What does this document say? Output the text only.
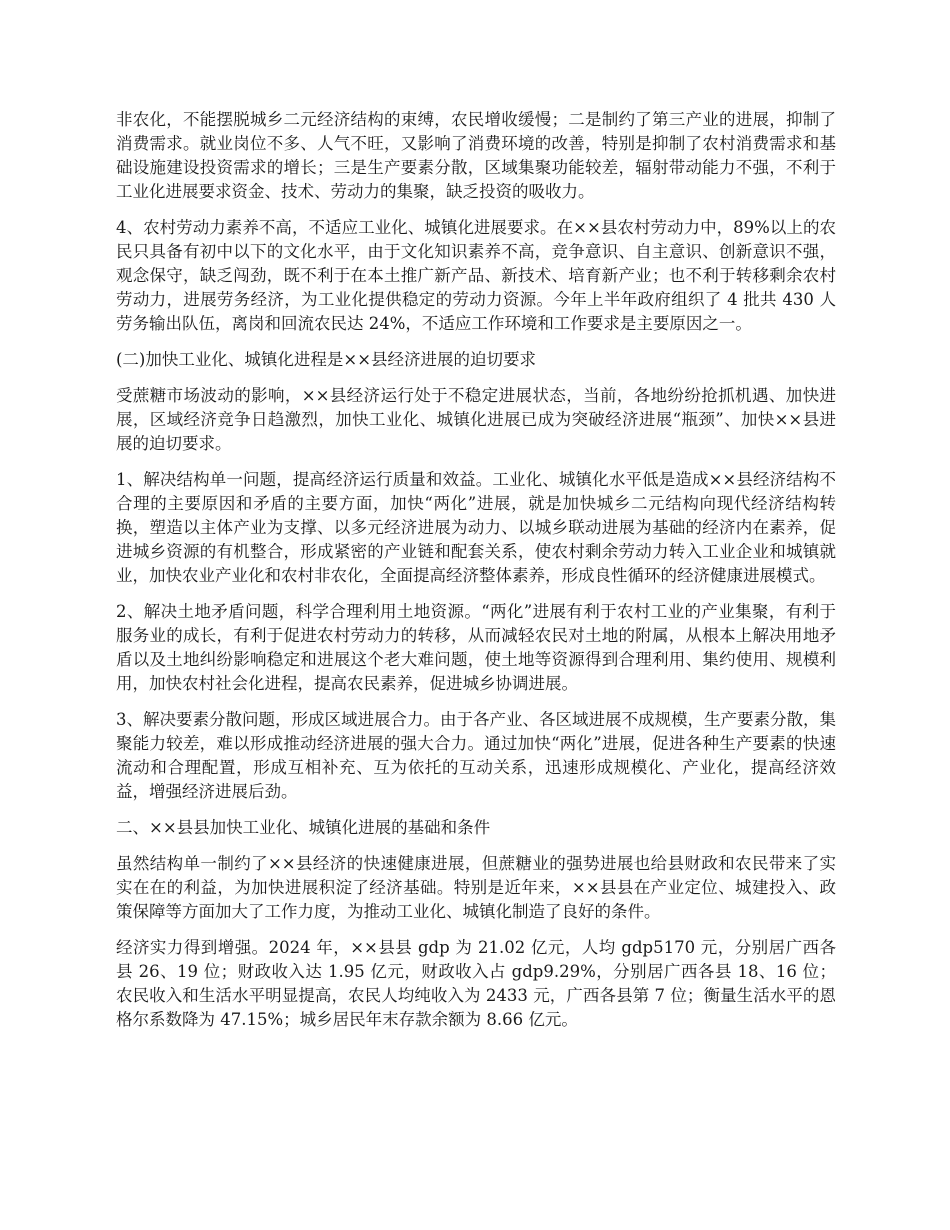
非农化，不能摆脱城乡二元经济结构的束缚，农民增收缓慢；二是制约了第三产业的进展，抑制了消费需求。就业岗位不多、人气不旺，又影响了消费环境的改善，特别是抑制了农村消费需求和基础设施建设投资需求的增长；三是生产要素分散，区域集聚功能较差，辐射带动能力不强，不利于工业化进展要求资金、技术、劳动力的集聚，缺乏投资的吸收力。

4、农村劳动力素养不高，不适应工业化、城镇化进展要求。在××县农村劳动力中，89%以上的农民只具备有初中以下的文化水平，由于文化知识素养不高，竞争意识、自主意识、创新意识不强，观念保守，缺乏闯劲，既不利于在本土推广新产品、新技术、培育新产业；也不利于转移剩余农村劳动力，进展劳务经济，为工业化提供稳定的劳动力资源。今年上半年政府组织了 4 批共 430 人劳务输出队伍，离岗和回流农民达 24%，不适应工作环境和工作要求是主要原因之一。

(二)加快工业化、城镇化进程是××县经济进展的迫切要求

受蔗糖市场波动的影响，××县经济运行处于不稳定进展状态，当前，各地纷纷抢抓机遇、加快进展，区域经济竞争日趋激烈，加快工业化、城镇化进展已成为突破经济进展“瓶颈”、加快××县进展的迫切要求。

1、解决结构单一问题，提高经济运行质量和效益。工业化、城镇化水平低是造成××县经济结构不合理的主要原因和矛盾的主要方面，加快“两化”进展，就是加快城乡二元结构向现代经济结构转换，塑造以主体产业为支撑、以多元经济进展为动力、以城乡联动进展为基础的经济内在素养，促进城乡资源的有机整合，形成紧密的产业链和配套关系，使农村剩余劳动力转入工业企业和城镇就业，加快农业产业化和农村非农化，全面提高经济整体素养，形成良性循环的经济健康进展模式。

2、解决土地矛盾问题，科学合理利用土地资源。“两化”进展有利于农村工业的产业集聚，有利于服务业的成长，有利于促进农村劳动力的转移，从而减轻农民对土地的附属，从根本上解决用地矛盾以及土地纠纷影响稳定和进展这个老大难问题，使土地等资源得到合理利用、集约使用、规模利用，加快农村社会化进程，提高农民素养，促进城乡协调进展。

3、解决要素分散问题，形成区域进展合力。由于各产业、各区域进展不成规模，生产要素分散，集聚能力较差，难以形成推动经济进展的强大合力。通过加快“两化”进展，促进各种生产要素的快速流动和合理配置，形成互相补充、互为依托的互动关系，迅速形成规模化、产业化，提高经济效益，增强经济进展后劲。

二、××县县加快工业化、城镇化进展的基础和条件

虽然结构单一制约了××县经济的快速健康进展，但蔗糖业的强势进展也给县财政和农民带来了实实在在的利益，为加快进展积淀了经济基础。特别是近年来，××县县在产业定位、城建投入、政策保障等方面加大了工作力度，为推动工业化、城镇化制造了良好的条件。

经济实力得到增强。2024 年，××县县 gdp 为 21.02 亿元，人均 gdp5170 元，分别居广西各县 26、19 位；财政收入达 1.95 亿元，财政收入占 gdp9.29%，分别居广西各县 18、16 位；农民收入和生活水平明显提高，农民人均纯收入为 2433 元，广西各县第 7 位；衡量生活水平的恩格尔系数降为 47.15%；城乡居民年末存款余额为 8.66 亿元。
